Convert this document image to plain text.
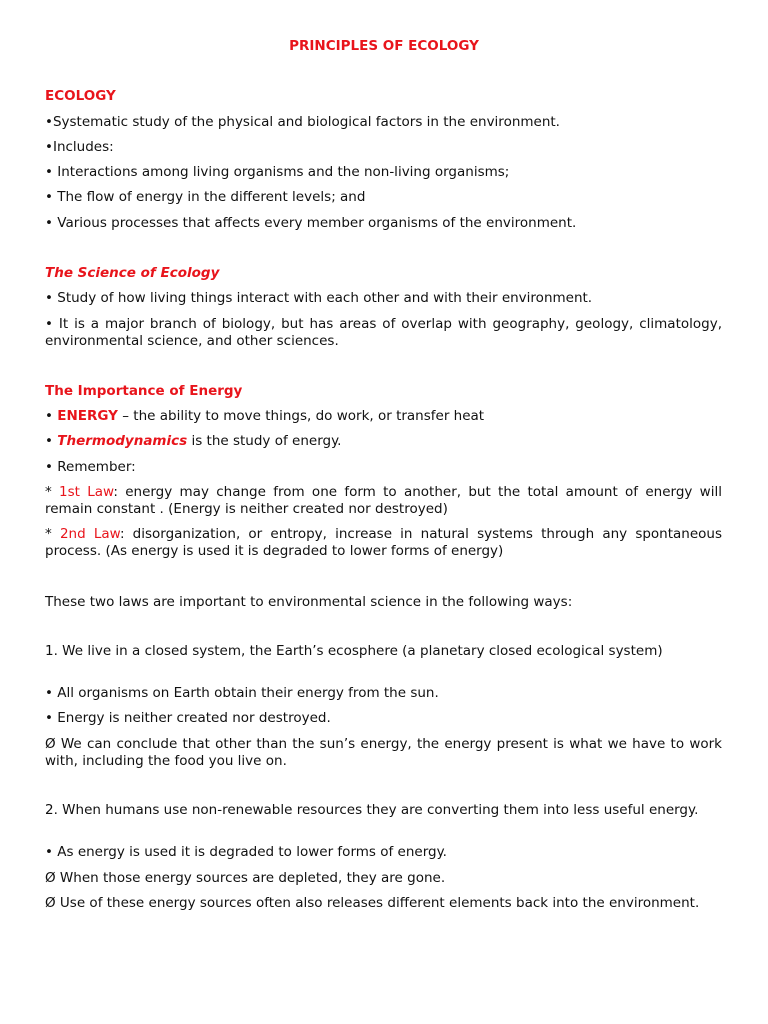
PRINCIPLES OF ECOLOGY

ECOLOGY

•Systematic study of the physical and biological factors in the environment.

•Includes:

• Interactions among living organisms and the non-living organisms;

• The flow of energy in the different levels; and

• Various processes that affects every member organisms of the environment.

The Science of Ecology

• Study of how living things interact with each other and with their environment.

• It is a major branch of biology, but has areas of overlap with geography, geology, climatology, environmental science, and other sciences.

The Importance of Energy

• ENERGY – the ability to move things, do work, or transfer heat

• Thermodynamics is the study of energy.

• Remember:

* 1st Law: energy may change from one form to another, but the total amount of energy will remain constant . (Energy is neither created nor destroyed)

* 2nd Law: disorganization, or entropy, increase in natural systems through any spontaneous process. (As energy is used it is degraded to lower forms of energy)

These two laws are important to environmental science in the following ways:

1. We live in a closed system, the Earth’s ecosphere (a planetary closed ecological system)

• All organisms on Earth obtain their energy from the sun.

• Energy is neither created nor destroyed.

Ø We can conclude that other than the sun’s energy, the energy present is what we have to work with, including the food you live on.

2. When humans use non-renewable resources they are converting them into less useful energy.

• As energy is used it is degraded to lower forms of energy.

Ø When those energy sources are depleted, they are gone.

Ø Use of these energy sources often also releases different elements back into the environment.
